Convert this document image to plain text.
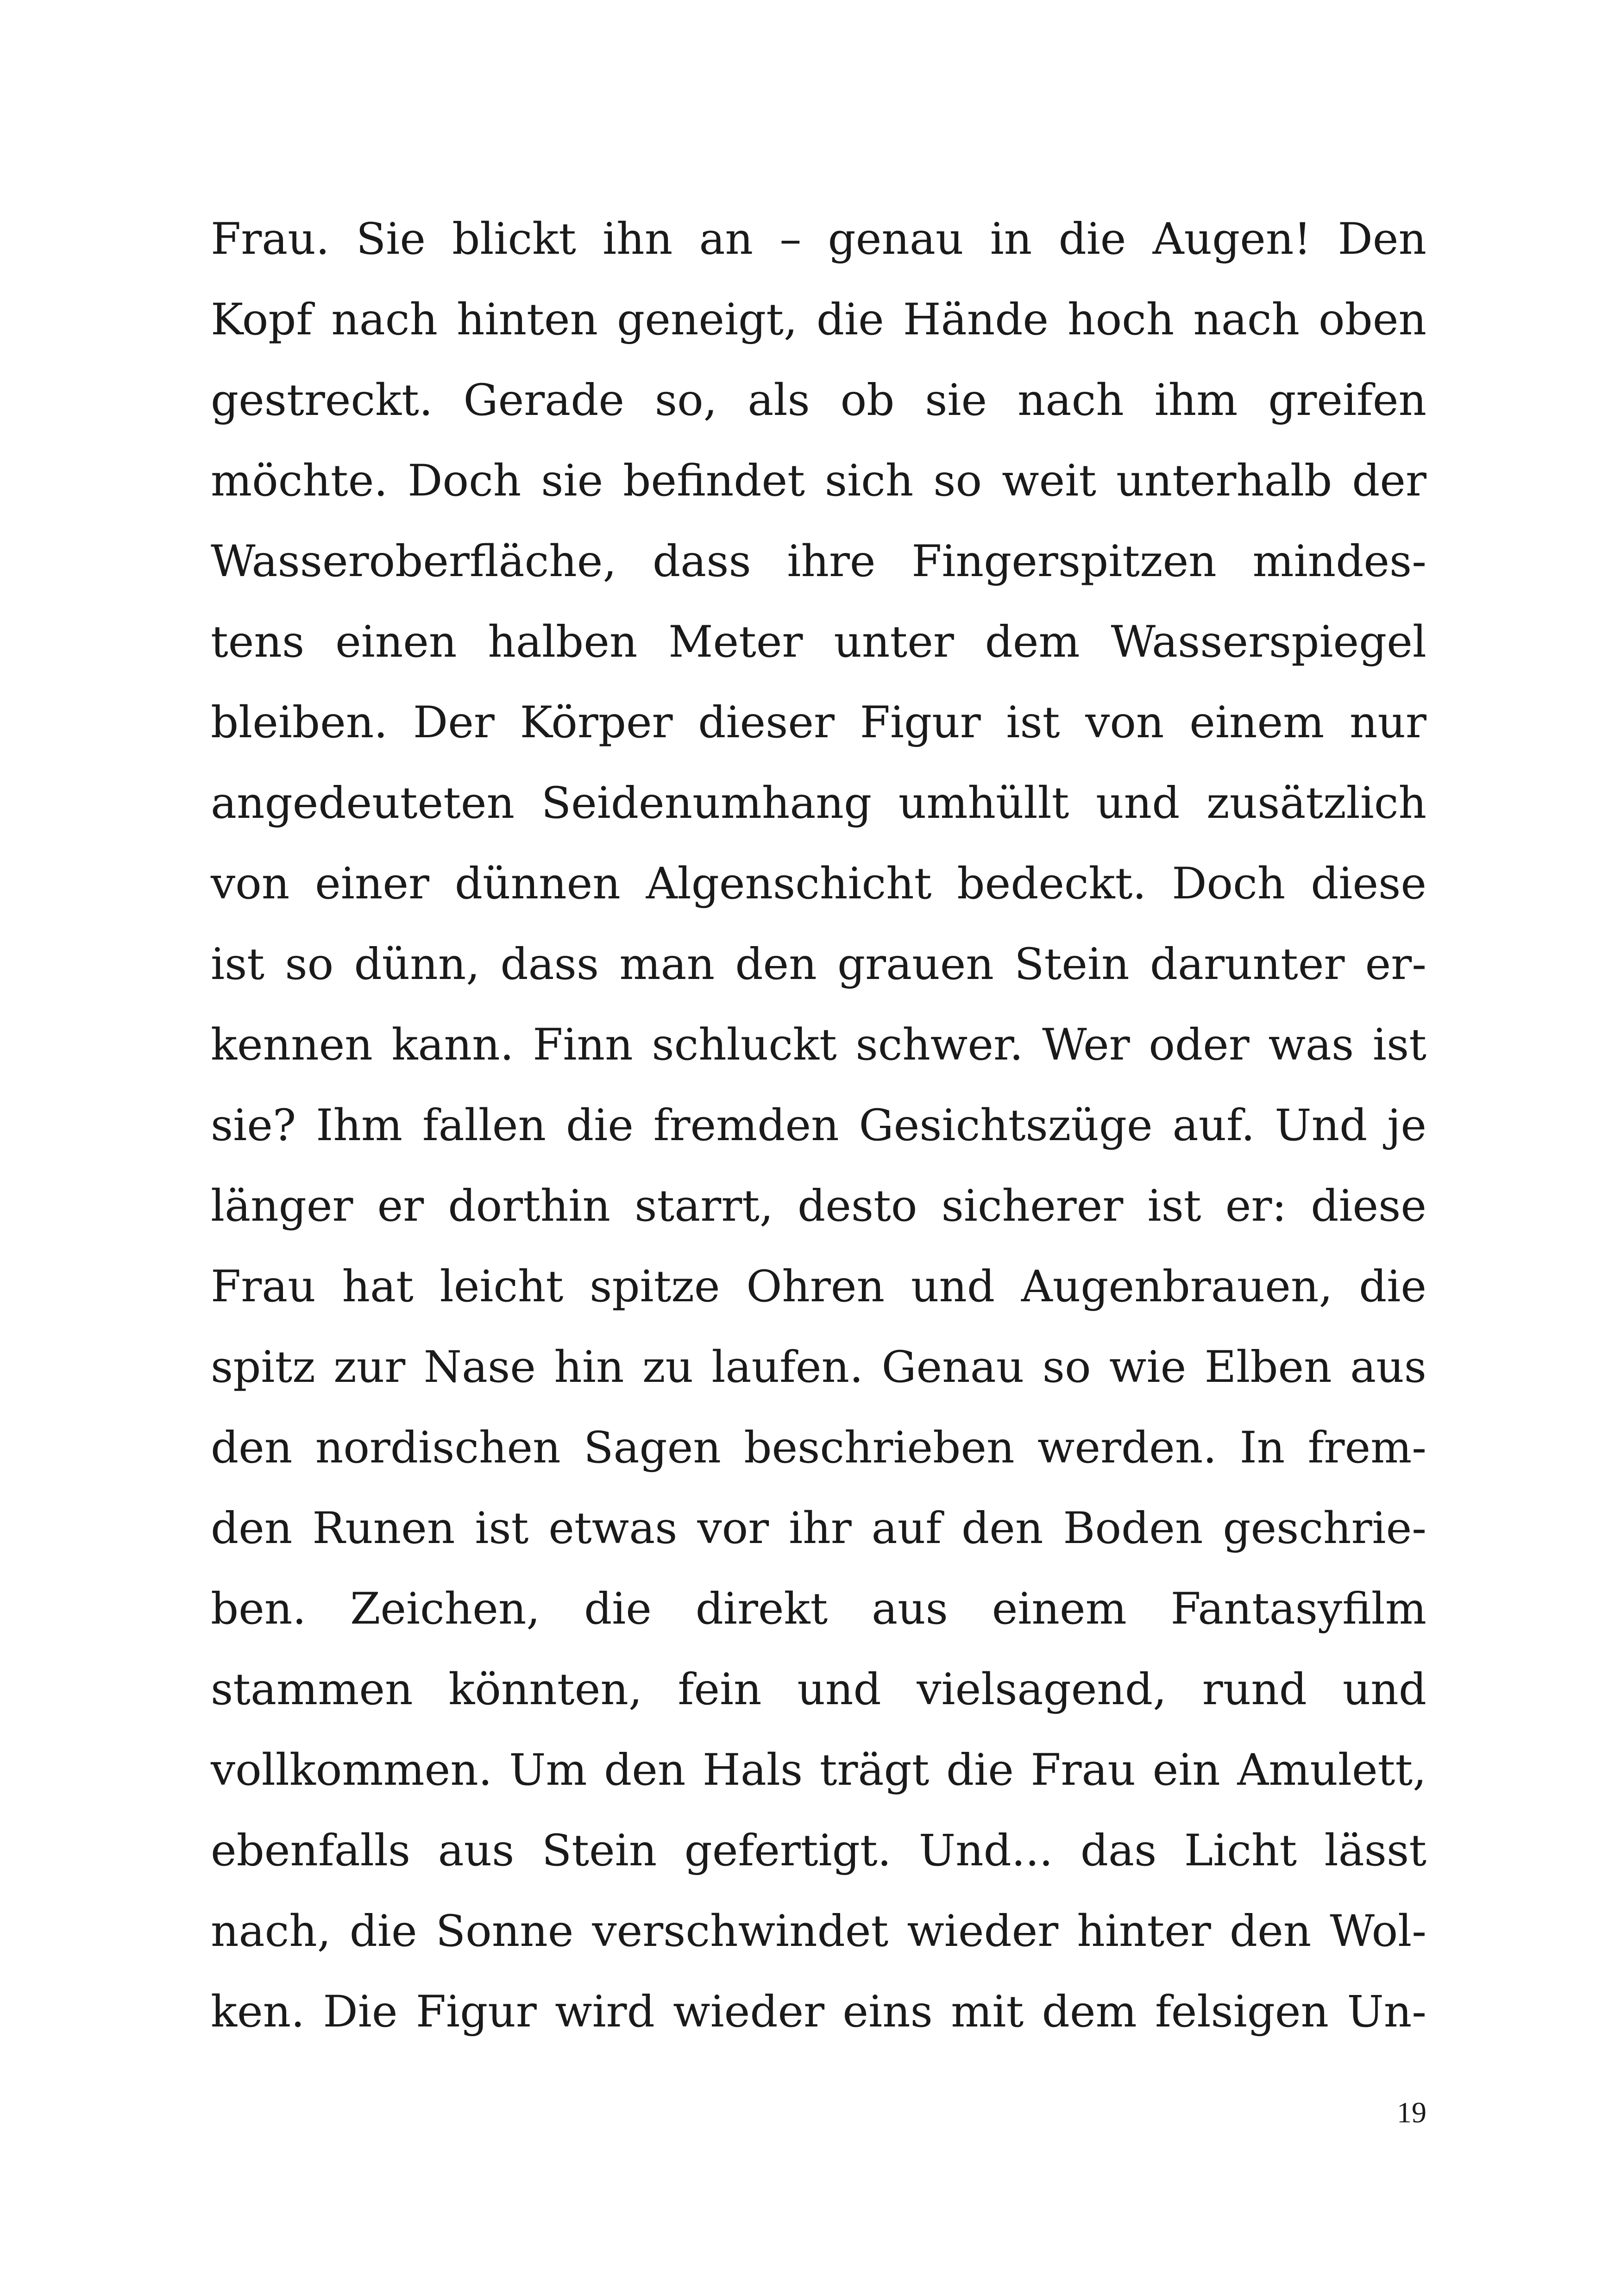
Frau. Sie blickt ihn an – genau in die Augen! Den
Kopf nach hinten geneigt, die Hände hoch nach oben
gestreckt. Gerade so, als ob sie nach ihm greifen
möchte. Doch sie befindet sich so weit unterhalb der
Wasseroberfläche, dass ihre Fingerspitzen mindes-
tens einen halben Meter unter dem Wasserspiegel
bleiben. Der Körper dieser Figur ist von einem nur
angedeuteten Seidenumhang umhüllt und zusätzlich
von einer dünnen Algenschicht bedeckt. Doch diese
ist so dünn, dass man den grauen Stein darunter er-
kennen kann. Finn schluckt schwer. Wer oder was ist
sie? Ihm fallen die fremden Gesichtszüge auf. Und je
länger er dorthin starrt, desto sicherer ist er: diese
Frau hat leicht spitze Ohren und Augenbrauen, die
spitz zur Nase hin zu laufen. Genau so wie Elben aus
den nordischen Sagen beschrieben werden. In frem-
den Runen ist etwas vor ihr auf den Boden geschrie-
ben. Zeichen, die direkt aus einem Fantasyfilm
stammen könnten, fein und vielsagend, rund und
vollkommen. Um den Hals trägt die Frau ein Amulett,
ebenfalls aus Stein gefertigt. Und... das Licht lässt
nach, die Sonne verschwindet wieder hinter den Wol-
ken. Die Figur wird wieder eins mit dem felsigen Un-
19
